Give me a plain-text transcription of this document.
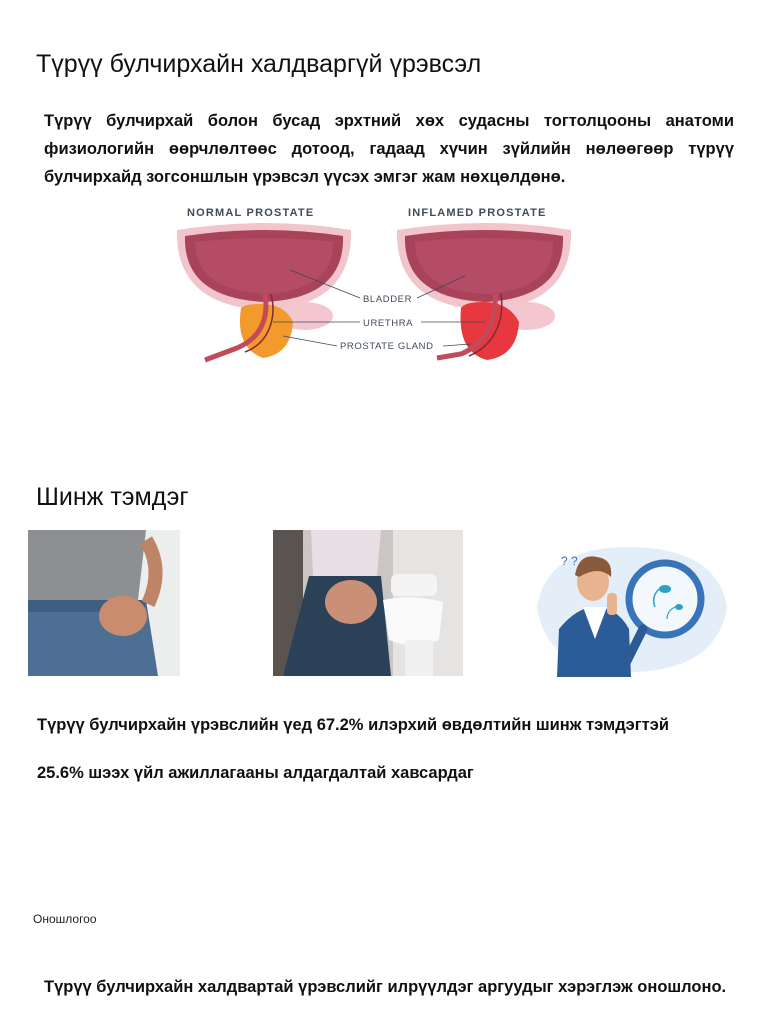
Түрүү булчирхайн халдваргүй үрэвсэл
Түрүү булчирхай болон бусад эрхтний хөх судасны тогтолцооны анатоми физиологийн өөрчлөлтөөс дотоод, гадаад хүчин зүйлийн нөлөөгөөр түрүү булчирхайд зогсоншлын үрэвсэл үүсэх эмгэг жам нөхцөлдөнө.
NORMAL PROSTATE	INFLAMED PROSTATE
BLADDER
URETHRA
PROSTATE GLAND
Шинж тэмдэг
? ?
Түрүү булчирхайн үрэвслийн үед 67.2% илэрхий өвдөлтийн шинж тэмдэгтэй
25.6% шээх үйл ажиллагааны алдагдалтай хавсардаг
Оношлогоо
Түрүү булчирхайн халдвартай үрэвслийг илрүүлдэг аргуудыг хэрэглэж оношлоно.
